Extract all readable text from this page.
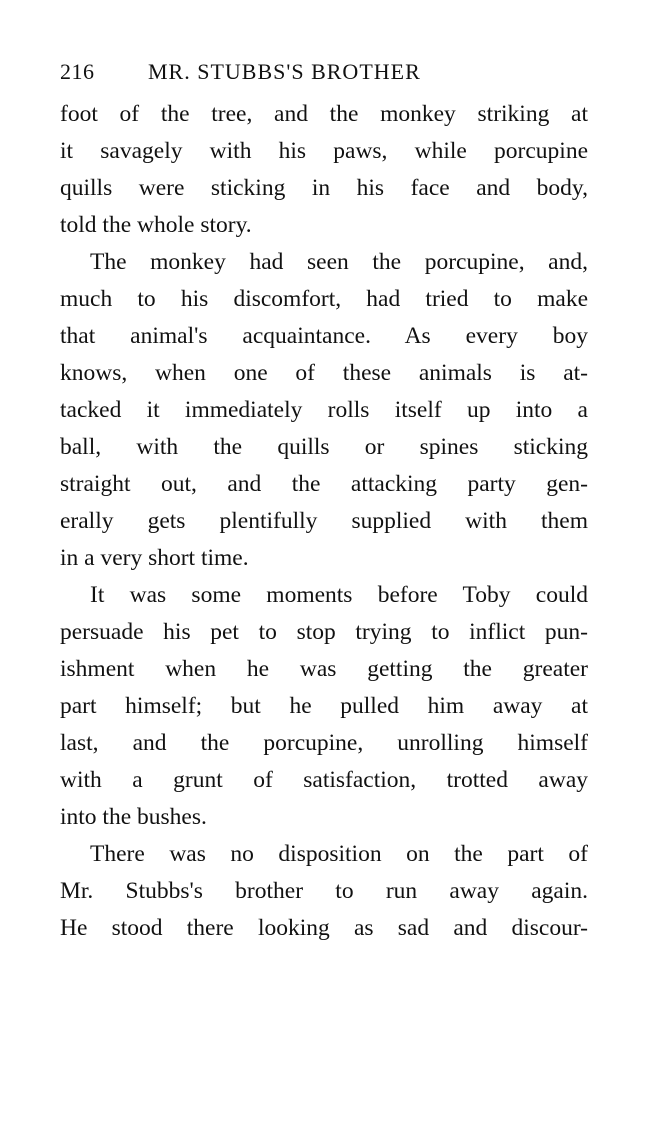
216	MR. STUBBS'S BROTHER
foot of the tree, and the monkey striking at
it savagely with his paws, while porcupine
quills were sticking in his face and body,
told the whole story.
The monkey had seen the porcupine, and,
much to his discomfort, had tried to make
that animal's acquaintance. As every boy
knows, when one of these animals is at-
tacked it immediately rolls itself up into a
ball, with the quills or spines sticking
straight out, and the attacking party gen-
erally gets plentifully supplied with them
in a very short time.
It was some moments before Toby could
persuade his pet to stop trying to inflict pun-
ishment when he was getting the greater
part himself; but he pulled him away at
last, and the porcupine, unrolling himself
with a grunt of satisfaction, trotted away
into the bushes.
There was no disposition on the part of
Mr. Stubbs's brother to run away again.
He stood there looking as sad and discour-
